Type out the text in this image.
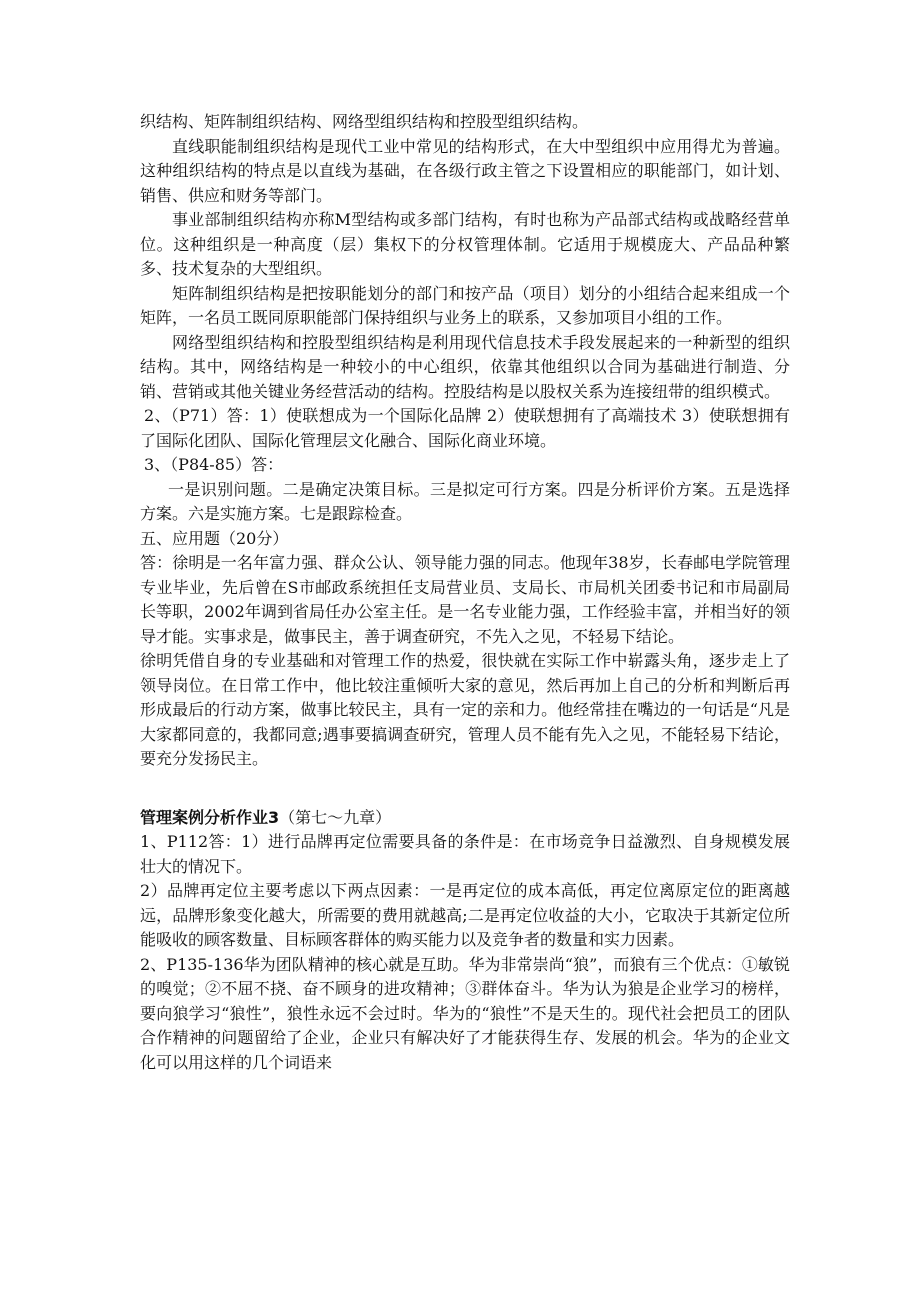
织结构、矩阵制组织结构、网络型组织结构和控股型组织结构。

直线职能制组织结构是现代工业中常见的结构形式，在大中型组织中应用得尤为普遍。这种组织结构的特点是以直线为基础，在各级行政主管之下设置相应的职能部门，如计划、销售、供应和财务等部门。

事业部制组织结构亦称M型结构或多部门结构，有时也称为产品部式结构或战略经营单位。这种组织是一种高度（层）集权下的分权管理体制。它适用于规模庞大、产品品种繁多、技术复杂的大型组织。

矩阵制组织结构是把按职能划分的部门和按产品（项目）划分的小组结合起来组成一个矩阵，一名员工既同原职能部门保持组织与业务上的联系，又参加项目小组的工作。

网络型组织结构和控股型组织结构是利用现代信息技术手段发展起来的一种新型的组织结构。其中，网络结构是一种较小的中心组织，依靠其他组织以合同为基础进行制造、分销、营销或其他关键业务经营活动的结构。控股结构是以股权关系为连接纽带的组织模式。

2、（P71）答：1）使联想成为一个国际化品牌 2）使联想拥有了高端技术 3）使联想拥有了国际化团队、国际化管理层文化融合、国际化商业环境。

3、（P84-85）答：

一是识别问题。二是确定决策目标。三是拟定可行方案。四是分析评价方案。五是选择方案。六是实施方案。七是跟踪检查。

五、应用题（20分）

答：徐明是一名年富力强、群众公认、领导能力强的同志。他现年38岁，长春邮电学院管理专业毕业，先后曾在S市邮政系统担任支局营业员、支局长、市局机关团委书记和市局副局长等职，2002年调到省局任办公室主任。是一名专业能力强，工作经验丰富，并相当好的领导才能。实事求是，做事民主，善于调查研究，不先入之见，不轻易下结论。

徐明凭借自身的专业基础和对管理工作的热爱，很快就在实际工作中崭露头角，逐步走上了领导岗位。在日常工作中，他比较注重倾听大家的意见，然后再加上自己的分析和判断后再形成最后的行动方案，做事比较民主，具有一定的亲和力。他经常挂在嘴边的一句话是“凡是大家都同意的，我都同意;遇事要搞调查研究，管理人员不能有先入之见，不能轻易下结论，要充分发扬民主。

管理案例分析作业3（第七～九章）

1、P112答：1）进行品牌再定位需要具备的条件是：在市场竞争日益激烈、自身规模发展壮大的情况下。

2）品牌再定位主要考虑以下两点因素：一是再定位的成本高低，再定位离原定位的距离越远，品牌形象变化越大，所需要的费用就越高;二是再定位收益的大小，它取决于其新定位所能吸收的顾客数量、目标顾客群体的购买能力以及竞争者的数量和实力因素。

2、P135-136华为团队精神的核心就是互助。华为非常崇尚“狼”，而狼有三个优点：①敏锐的嗅觉；②不屈不挠、奋不顾身的进攻精神；③群体奋斗。华为认为狼是企业学习的榜样，要向狼学习“狼性”，狼性永远不会过时。华为的“狼性”不是天生的。现代社会把员工的团队合作精神的问题留给了企业，企业只有解决好了才能获得生存、发展的机会。华为的企业文化可以用这样的几个词语来
